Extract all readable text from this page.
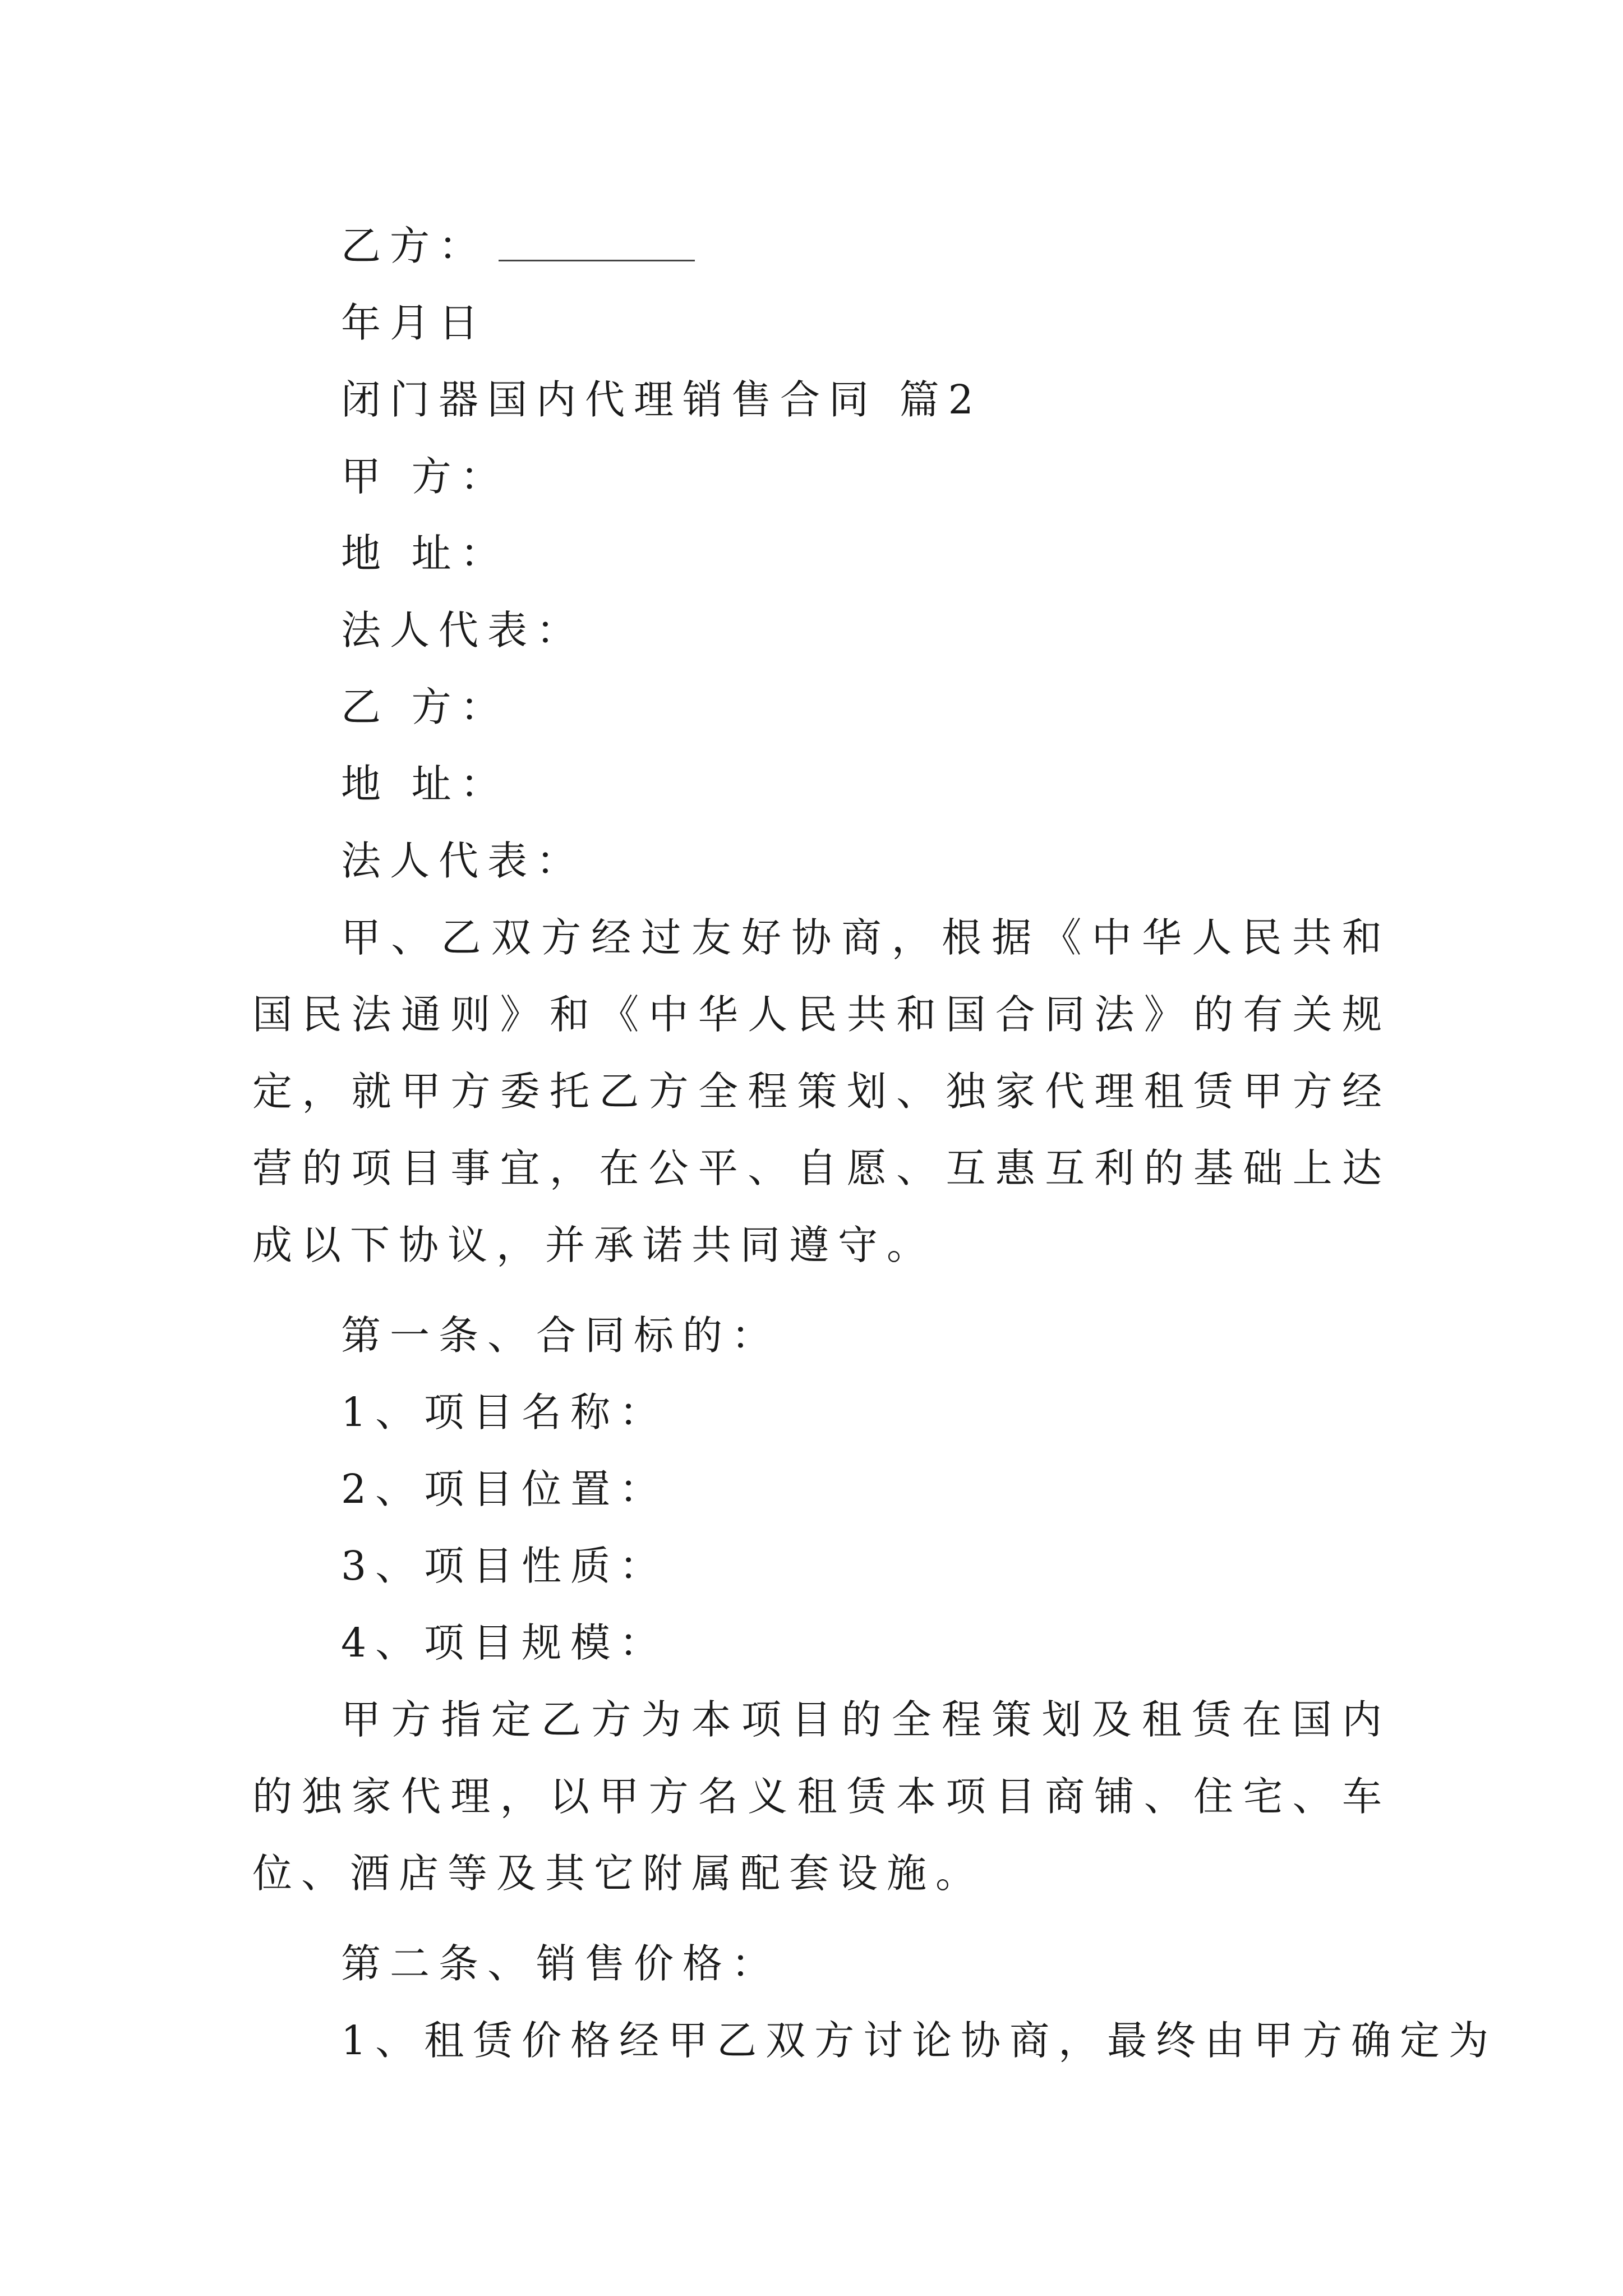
乙方：
年月日
闭门器国内代理销售合同 篇2
甲 方：
地 址：
法人代表：
乙 方：
地 址：
法人代表：

甲、乙双方经过友好协商，根据《中华人民共和国民法通则》和《中华人民共和国合同法》的有关规定，就甲方委托乙方全程策划、独家代理租赁甲方经营的项目事宜，在公平、自愿、互惠互利的基础上达成以下协议，并承诺共同遵守。

第一条、合同标的：
1、项目名称：
2、项目位置：
3、项目性质：
4、项目规模：

甲方指定乙方为本项目的全程策划及租赁在国内的独家代理，以甲方名义租赁本项目商铺、住宅、车位、酒店等及其它附属配套设施。

第二条、销售价格：
1、租赁价格经甲乙双方讨论协商，最终由甲方确定为
